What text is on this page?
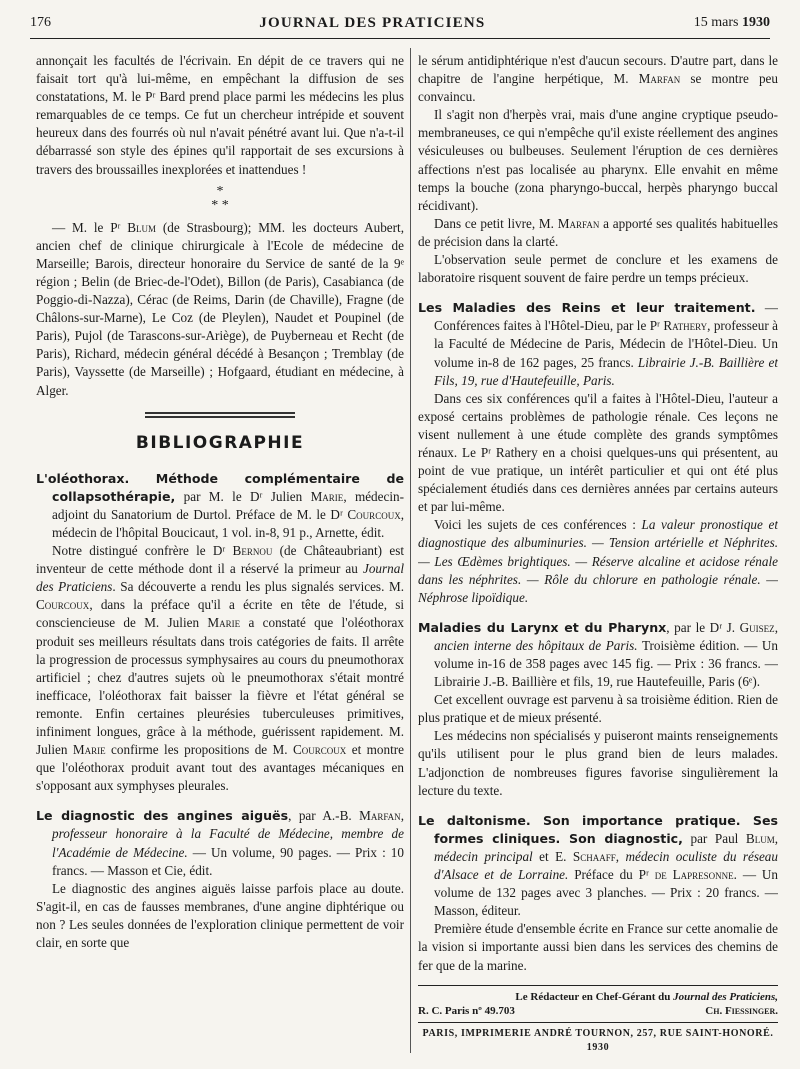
176	JOURNAL DES PRATICIENS	15 mars 1930

annonçait les facultés de l'écrivain. En dépit de ce travers qui ne faisait tort qu'à lui-même, en empêchant la diffusion de ses constatations, M. le Pʳ Bard prend place parmi les médecins les plus remarquables de ce temps. Ce fut un chercheur intrépide et souvent heureux dans des fourrés où nul n'avait pénétré avant lui. Que n'a-t-il débarrassé son style des épines qu'il rapportait de ses excursions à travers des broussailles inexplorées et inattendues !

*
* *

— M. le Pʳ Blum (de Strasbourg); MM. les docteurs Aubert, ancien chef de clinique chirurgicale à l'Ecole de médecine de Marseille; Barois, directeur honoraire du Service de santé de la 9ᵉ région ; Belin (de Briec-de-l'Odet), Billon (de Paris), Casabianca (de Poggio-di-Nazza), Cérac (de Reims, Darin (de Chaville), Fragne (de Châlons-sur-Marne), Le Coz (de Pleylen), Naudet et Poupinel (de Paris), Pujol (de Tarascons-sur-Ariège), de Puyberneau et Recht (de Paris), Richard, médecin général décédé à Besançon ; Tremblay (de Paris), Vayssette (de Marseille) ; Hofgaard, étudiant en médecine, à Alger.

BIBLIOGRAPHIE

L'oléothorax. Méthode complémentaire de collapsothérapie, par M. le Dʳ Julien Marie, médecin-adjoint du Sanatorium de Durtol. Préface de M. le Dʳ Courcoux, médecin de l'hôpital Boucicaut, 1 vol. in-8, 91 p., Arnette, édit.

Notre distingué confrère le Dʳ Bernou (de Châteaubriant) est inventeur de cette méthode dont il a réservé la primeur au Journal des Praticiens. Sa découverte a rendu les plus signalés services. M. Courcoux, dans la préface qu'il a écrite en tête de l'étude, si consciencieuse de M. Julien Marie a constaté que l'oléothorax produit ses meilleurs résultats dans trois catégories de faits. Il arrête la progression de processus symphysaires au cours du pneumothorax artificiel ; chez d'autres sujets où le pneumothorax s'était montré inefficace, l'oléothorax fait baisser la fièvre et l'état général se remonte. Enfin certaines pleurésies tuberculeuses primitives, infiniment longues, grâce à la méthode, guérissent rapidement. M. Julien Marie confirme les propositions de M. Courcoux et montre que l'oléothorax produit avant tout des avantages mécaniques en s'opposant aux symphyses pleurales.

Le diagnostic des angines aiguës, par A.-B. Marfan, professeur honoraire à la Faculté de Médecine, membre de l'Académie de Médecine. — Un volume, 90 pages. — Prix : 10 francs. — Masson et Cie, édit.

Le diagnostic des angines aiguës laisse parfois place au doute. S'agit-il, en cas de fausses membranes, d'une angine diphtérique ou non ? Les seules données de l'exploration clinique permettent de voir clair, en sorte que

le sérum antidiphtérique n'est d'aucun secours. D'autre part, dans le chapitre de l'angine herpétique, M. Marfan se montre peu convaincu.

Il s'agit non d'herpès vrai, mais d'une angine cryptique pseudo-membraneuses, ce qui n'empêche qu'il existe réellement des angines vésiculeuses ou bulbeuses. Seulement l'éruption de ces dernières affections n'est pas localisée au pharynx. Elle envahit en même temps la bouche (zona pharyngo-buccal, herpès pharyngo buccal récidivant).

Dans ce petit livre, M. Marfan a apporté ses qualités habituelles de précision dans la clarté.

L'observation seule permet de conclure et les examens de laboratoire risquent souvent de faire perdre un temps précieux.

Les Maladies des Reins et leur traitement. — Conférences faites à l'Hôtel-Dieu, par le Pʳ Rathery, professeur à la Faculté de Médecine de Paris, Médecin de l'Hôtel-Dieu. Un volume in-8 de 162 pages, 25 francs. Librairie J.-B. Baillière et Fils, 19, rue d'Hautefeuille, Paris.

Dans ces six conférences qu'il a faites à l'Hôtel-Dieu, l'auteur a exposé certains problèmes de pathologie rénale. Ces leçons ne visent nullement à une étude complète des grands symptômes rénaux. Le Pʳ Rathery en a choisi quelques-uns qui présentent, au point de vue pratique, un intérêt particulier et qui ont été plus spécialement étudiés dans ces dernières années par certains auteurs et par lui-même.

Voici les sujets de ces conférences : La valeur pronostique et diagnostique des albuminuries. — Tension artérielle et Néphrites. — Les Œdèmes brightiques. — Réserve alcaline et acidose rénale dans les néphrites. — Rôle du chlorure en pathologie rénale. — Néphrose lipoïdique.

Maladies du Larynx et du Pharynx, par le Dʳ J. Guisez, ancien interne des hôpitaux de Paris. Troisième édition. — Un volume in-16 de 358 pages avec 145 fig. — Prix : 36 francs. — Librairie J.-B. Baillière et fils, 19, rue Hautefeuille, Paris (6ᵉ).

Cet excellent ouvrage est parvenu à sa troisième édition. Rien de plus pratique et de mieux présenté.

Les médecins non spécialisés y puiseront maints renseignements qu'ils utilisent pour le plus grand bien de leurs malades. L'adjonction de nombreuses figures favorise singulièrement la lecture du texte.

Le daltonisme. Son importance pratique. Ses formes cliniques. Son diagnostic, par Paul Blum, médecin principal et E. Schaaff, médecin oculiste du réseau d'Alsace et de Lorraine. Préface du Pʳ de Lapresonne. — Un volume de 132 pages avec 3 planches. — Prix : 20 francs. — Masson, éditeur.

Première étude d'ensemble écrite en France sur cette anomalie de la vision si importante aussi bien dans les services des chemins de fer que de la marine.

Le Rédacteur en Chef-Gérant du Journal des Praticiens,
R. C. Paris nº 49.703	Ch. Fiessinger.
PARIS, IMPRIMERIE ANDRÉ TOURNON, 257, RUE SAINT-HONORÉ. 1930
